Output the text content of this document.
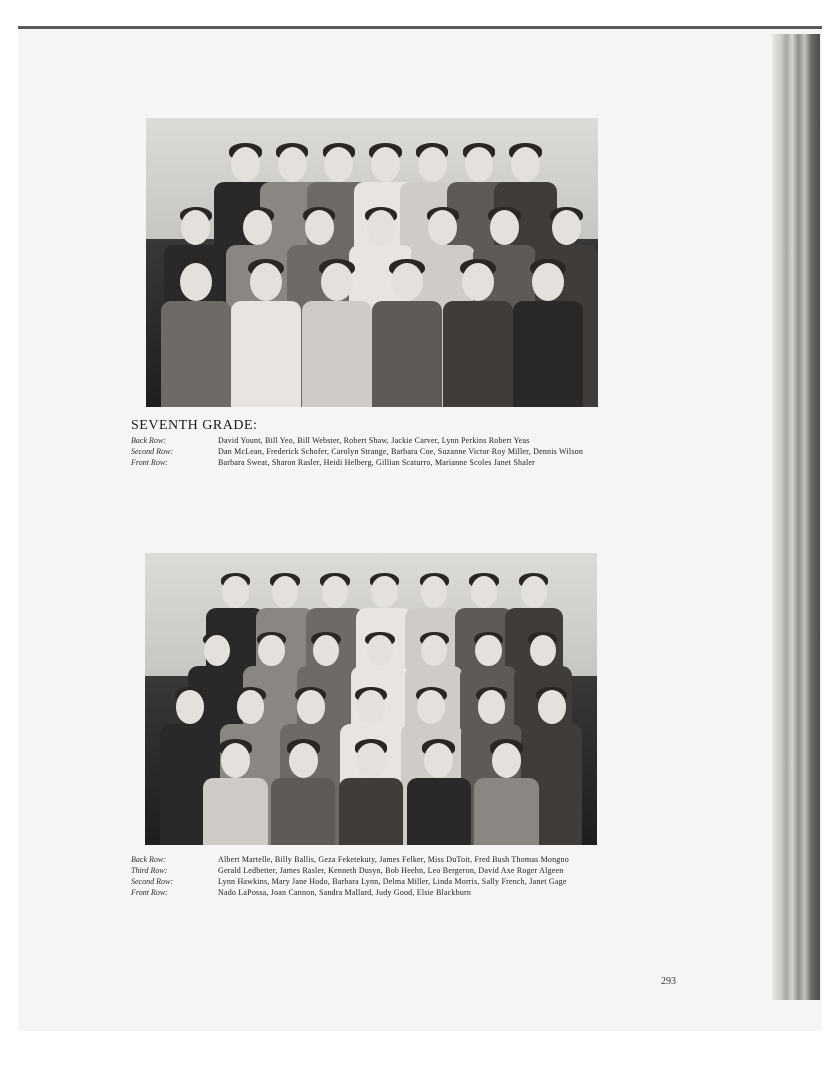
SEVENTH GRADE:
Back Row:	David Yount, Bill Yeo, Bill Webster, Robert Shaw, Jackie Carver, Lynn Perkins Robert Yeas
Second Row:	Dan McLean, Frederick Schofer, Carolyn Strange, Barbara Coe, Suzanne Victor Roy Miller, Dennis Wilson
Front Row:	Barbara Sweat, Sharon Rasler, Heidi Helberg, Gillian Scaturro, Marianne Scoles Janet Shaler
Back Row:	Albert Martelle, Billy Ballis, Geza Feketekuty, James Felker, Miss DuToit, Fred Bush Thomas Mongno
Third Row:	Gerald Ledbetter, James Rasler, Kenneth Dusyn, Bob Heehn, Leo Bergeron, David Axe Roger Algeen
Second Row:	Lynn Hawkins, Mary Jane Hodo, Barbara Lynn, Delma Miller, Linda Morris, Sally French, Janet Gage
Front Row:	Nado LaPossa, Joan Cannon, Sandra Mallard, Judy Good, Elsie Blackburn
293
